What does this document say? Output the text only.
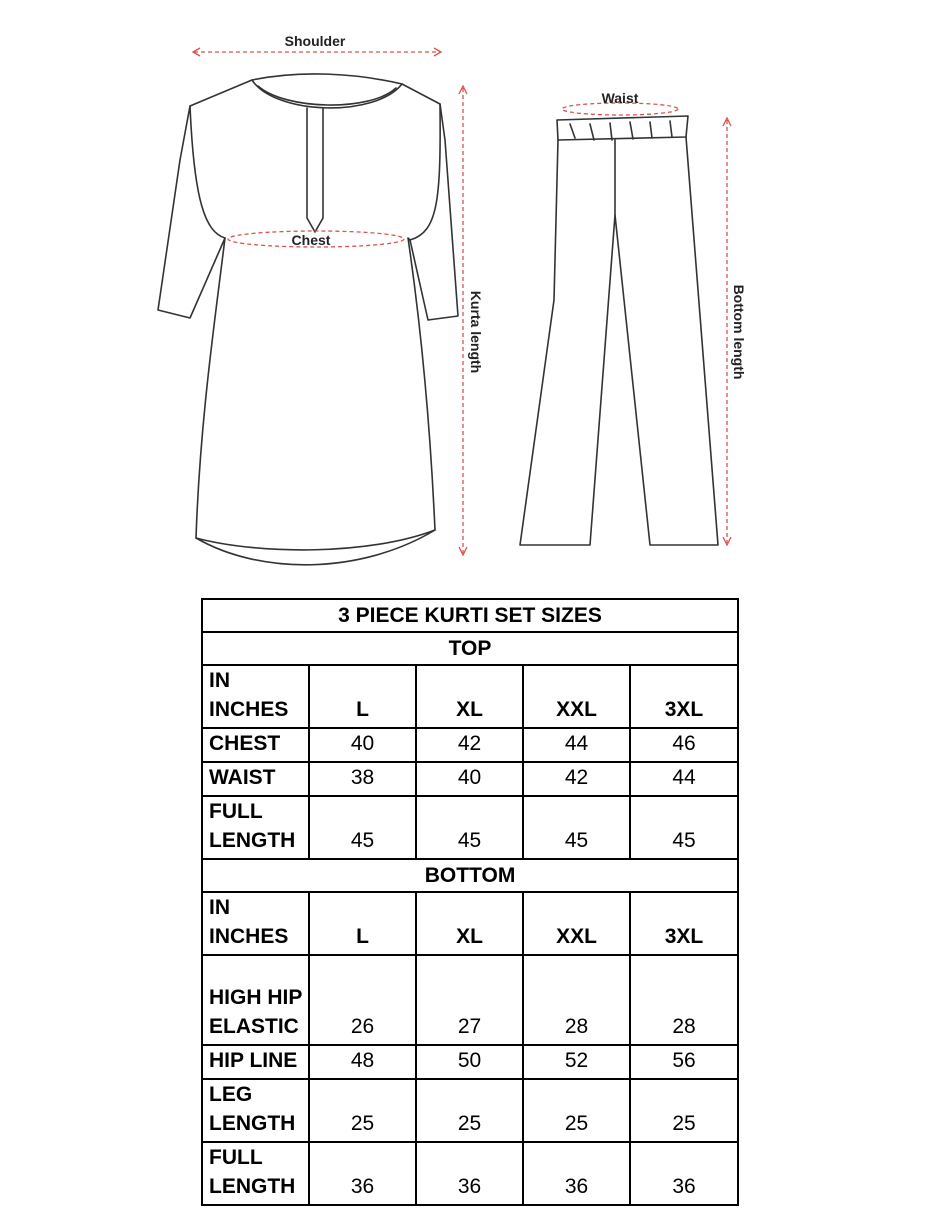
Shoulder
Chest
Kurta length
Waist
Bottom length
3 PIECE KURTI SET SIZES				
TOP				

IN INCHES	L	XL	XXL	3XL
CHEST	40	42	44	46
WAIST	38	40	42	44

FULL LENGTH	45	45	45	45
BOTTOM				

IN INCHES	L	XL	XXL	3XL

HIGH HIP ELASTIC	26	27	28	28
HIP LINE	48	50	52	56

LEG LENGTH	25	25	25	25

FULL LENGTH	36	36	36	36
